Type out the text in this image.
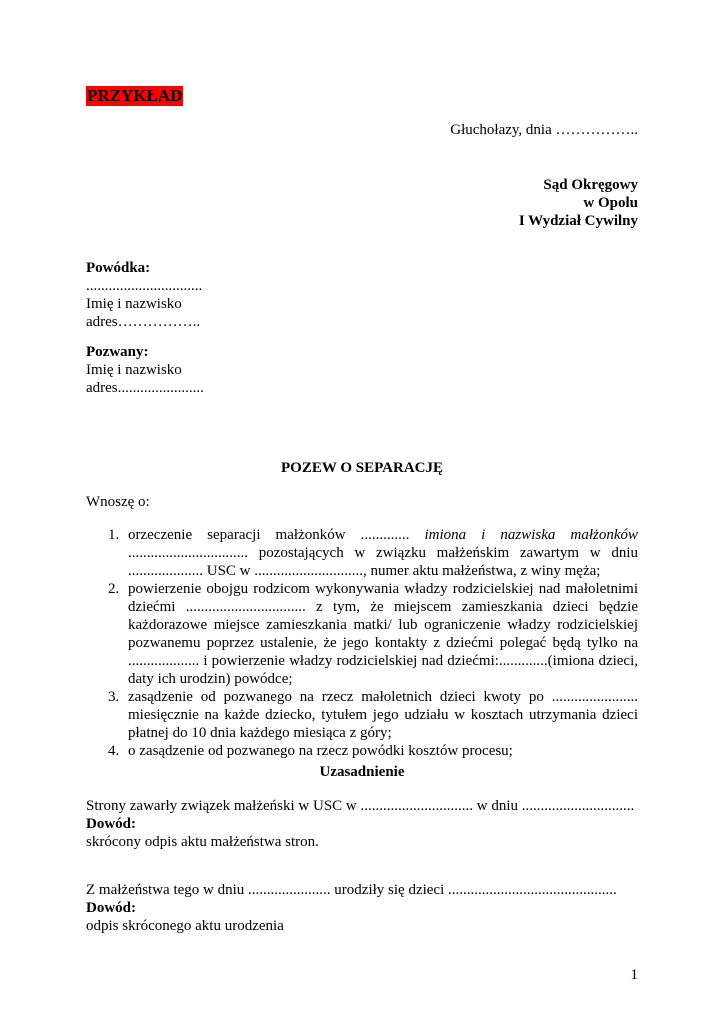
PRZYKŁAD
Głuchołazy, dnia ……………..
Sąd Okręgowy
w Opolu
I Wydział Cywilny
Powódka:
...............................
Imię i nazwisko
adres……………..
Pozwany:
Imię i nazwisko
adres.......................
POZEW O SEPARACJĘ
Wnoszę o:
1. orzeczenie separacji małżonków ............. imiona i nazwiska małżonków ................................ pozostających w związku małżeńskim zawartym w dniu .................... USC w ............................., numer aktu małżeństwa, z winy męża;
2. powierzenie obojgu rodzicom wykonywania władzy rodzicielskiej nad małoletnimi dziećmi ................................ z tym, że miejscem zamieszkania dzieci będzie każdorazowe miejsce zamieszkania matki/ lub ograniczenie władzy rodzicielskiej pozwanemu poprzez ustalenie, że jego kontakty z dziećmi polegać będą tylko na ................... i powierzenie władzy rodzicielskiej nad dziećmi:.............(imiona dzieci, daty ich urodzin) powódce;
3. zasądzenie od pozwanego na rzecz małoletnich dzieci kwoty po ....................... miesięcznie na każde dziecko, tytułem jego udziału w kosztach utrzymania dzieci płatnej do 10 dnia każdego miesiąca z góry;
4. o zasądzenie od pozwanego na rzecz powódki kosztów procesu;
Uzasadnienie
Strony zawarły związek małżeński w USC w .............................. w dniu ..............................
Dowód:
skrócony odpis aktu małżeństwa stron.
Z małżeństwa tego w dniu ...................... urodziły się dzieci .............................................
Dowód:
odpis skróconego aktu urodzenia
1
